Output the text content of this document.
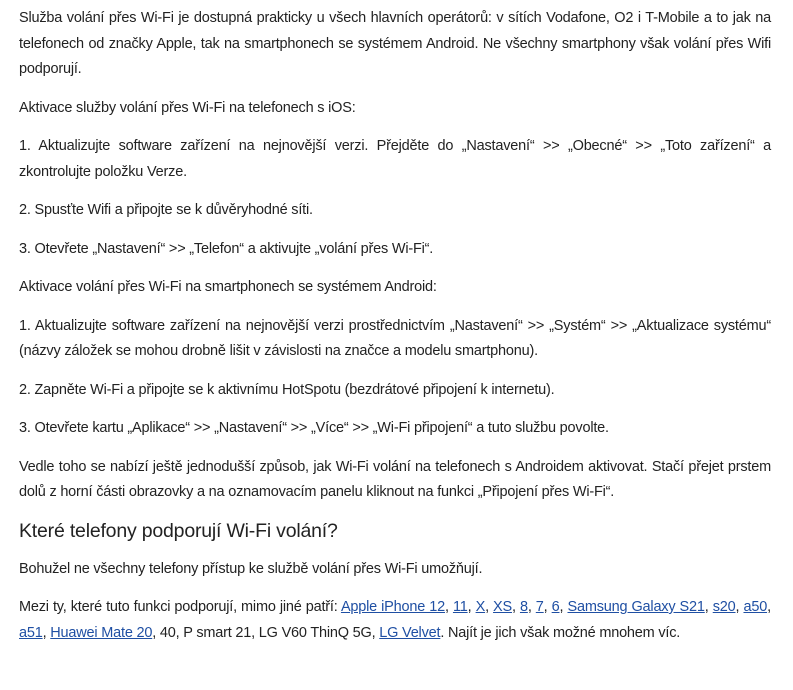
Služba volání přes Wi-Fi je dostupná prakticky u všech hlavních operátorů: v sítích Vodafone, O2 i T-Mobile a to jak na telefonech od značky Apple, tak na smartphonech se systémem Android. Ne všechny smartphony však volání přes Wifi podporují.

Aktivace služby volání přes Wi-Fi na telefonech s iOS:

1. Aktualizujte software zařízení na nejnovější verzi. Přejděte do „Nastavení“ >> „Obecné“ >> „Toto zařízení“ a zkontrolujte položku Verze.

2. Spusťte Wifi a připojte se k důvěryhodné síti.

3. Otevřete „Nastavení“ >> „Telefon“ a aktivujte „volání přes Wi-Fi“.

Aktivace volání přes Wi-Fi na smartphonech se systémem Android:

1. Aktualizujte software zařízení na nejnovější verzi prostřednictvím „Nastavení“ >> „Systém“ >> „Aktualizace systému“ (názvy záložek se mohou drobně lišit v závislosti na značce a modelu smartphonu).

2. Zapněte Wi-Fi a připojte se k aktivnímu HotSpotu (bezdrátové připojení k internetu).

3. Otevřete kartu „Aplikace“ >> „Nastavení“ >> „Více“ >> „Wi-Fi připojení“ a tuto službu povolte.

Vedle toho se nabízí ještě jednodušší způsob, jak Wi-Fi volání na telefonech s Androidem aktivovat. Stačí přejet prstem dolů z horní části obrazovky a na oznamovacím panelu kliknout na funkci „Připojení přes Wi-Fi“.

Které telefony podporují Wi-Fi volání?

Bohužel ne všechny telefony přístup ke službě volání přes Wi-Fi umožňují.

Mezi ty, které tuto funkci podporují, mimo jiné patří: Apple iPhone 12, 11, X, XS, 8, 7, 6, Samsung Galaxy S21, s20, a50, a51, Huawei Mate 20, 40, P smart 21, LG V60 ThinQ 5G, LG Velvet. Najít je jich však možné mnohem víc.
